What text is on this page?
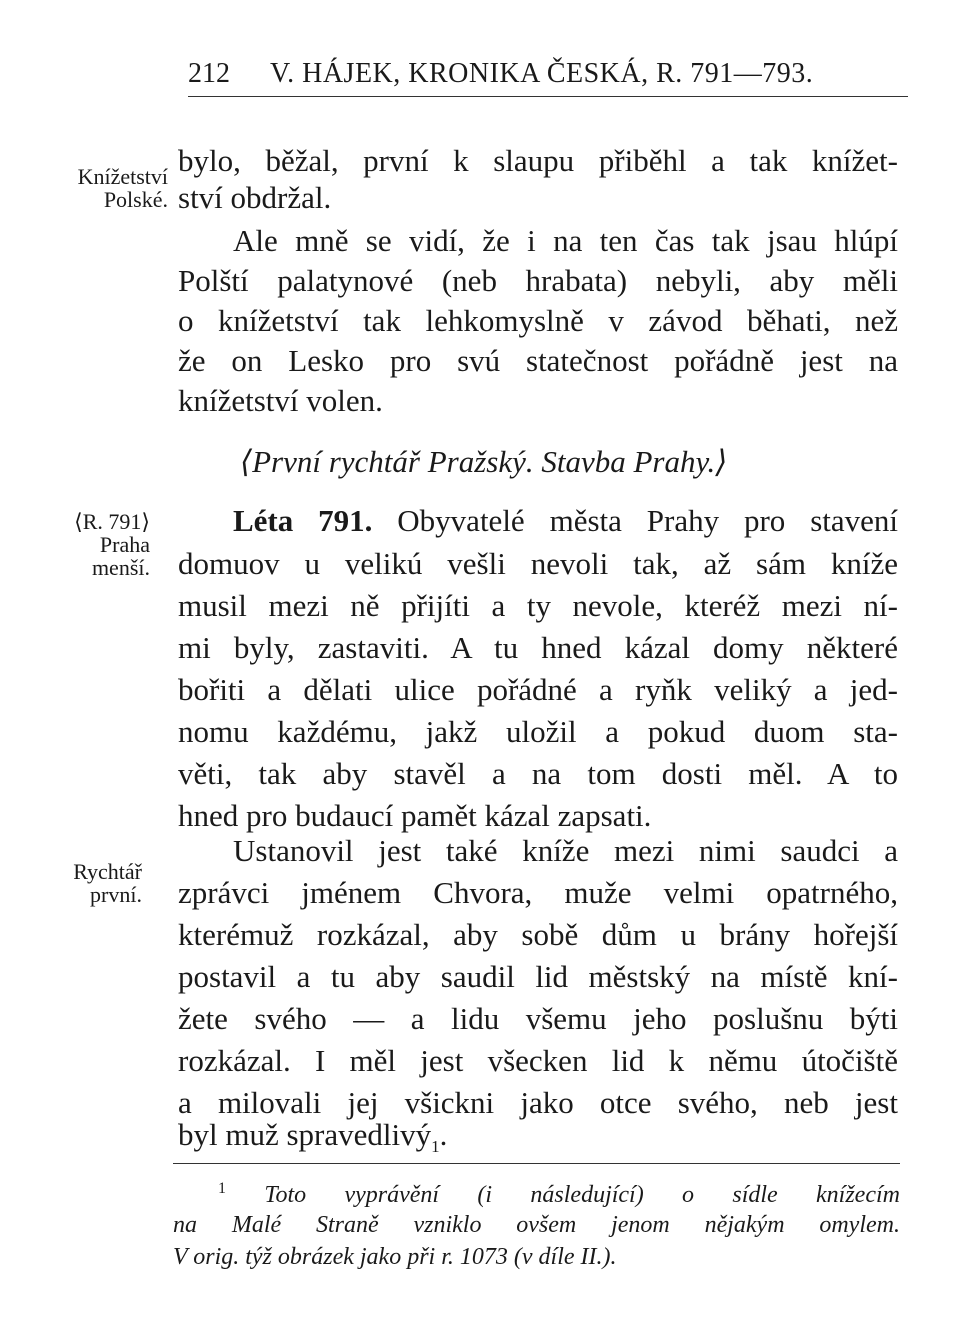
212 V. HÁJEK, KRONIKA ČESKÁ, R. 791—793.
Knížetství
Polské.
⟨R. 791⟩
Praha
menší.
Rychtář
první.
bylo, běžal, první k slaupu přiběhl a tak knížet-
ství obdržal.
Ale mně se vidí, že i na ten čas tak jsau hlúpí
Polští palatynové (neb hrabata) nebyli, aby měli
o knížetství tak lehkomyslně v závod běhati, než
že on Lesko pro svú statečnost pořádně jest na
knížetství volen.
⟨První rychtář Pražský. Stavba Prahy.⟩
Léta 791. Obyvatelé města Prahy pro stavení
domuov u velikú vešli nevoli tak, až sám kníže
musil mezi ně přijíti a ty nevole, kteréž mezi ní-
mi byly, zastaviti. A tu hned kázal domy některé
bořiti a dělati ulice pořádné a ryňk veliký a jed-
nomu každému, jakž uložil a pokud duom sta-
věti, tak aby stavěl a na tom dosti měl. A to
hned pro budaucí pamět kázal zapsati.
Ustanovil jest také kníže mezi nimi saudci a
zprávci jménem Chvora, muže velmi opatrného,
kterémuž rozkázal, aby sobě dům u brány hořejší
postavil a tu aby saudil lid městský na místě kní-
žete svého — a lidu všemu jeho poslušnu býti
rozkázal. I měl jest všecken lid k němu útočiště
a milovali jej všickni jako otce svého, neb jest
byl muž spravedlivý$_1$.
$^1$ Toto vyprávění (i následující) o sídle knížecím
na Malé Straně vzniklo ovšem jenom nějakým omylem.
V orig. týž obrázek jako při r. 1073 (v díle II.).
